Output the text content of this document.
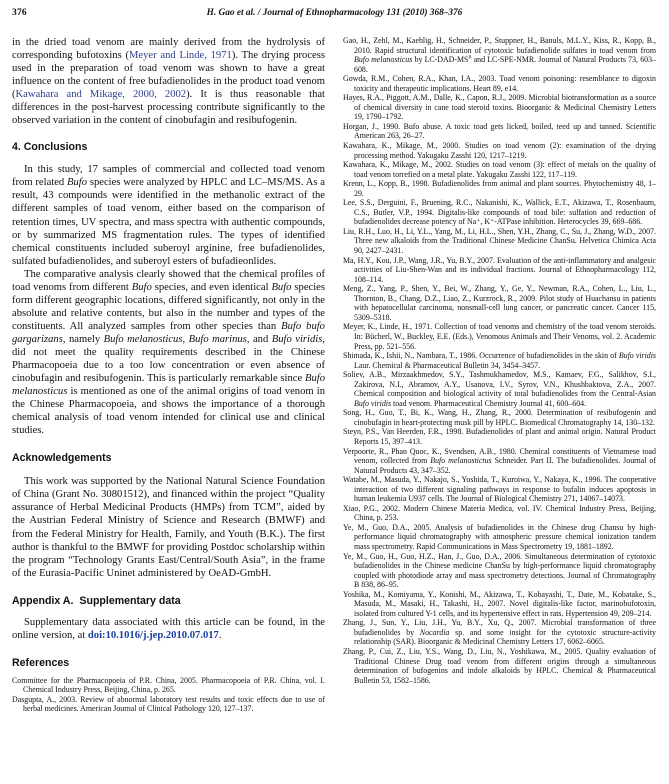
376	H. Gao et al. / Journal of Ethnopharmacology 131 (2010) 368–376

in the dried toad venom are mainly derived from the hydrolysis of corresponding bufotoxins (Meyer and Linde, 1971). The drying process used in the preparation of toad venom was shown to have a great influence on the content of free bufadienolides in the product toad venom (Kawahara and Mikage, 2000, 2002). It is thus reasonable that differences in the post-harvest processing contribute significantly to the observed variation in the content of cinobufagin and resibufogenin.

4. Conclusions

In this study, 17 samples of commercial and collected toad venom from related Bufo species were analyzed by HPLC and LC–MS/MS. As a result, 43 compounds were identified in the methanolic extract of the different samples of toad venom, either based on the comparison of retention times, UV spectra, and mass spectra with authentic compounds, or by summarized MS fragmentation rules. The types of identified chemical constituents included suberoyl arginine, free bufadienolides, sulfated bufadienolides, and suberoyl esters of bufadieonlides.

The comparative analysis clearly showed that the chemical profiles of toad venoms from different Bufo species, and even identical Bufo species form different geographic locations, differed significantly, not only in the absolute and relative contents, but also in the number and types of the constituents. All analyzed samples from other species than Bufo bufo gargarizans, namely Bufo melanosticus, Bufo marinus, and Bufo viridis, did not meet the quality requirements described in the Chinese Pharmacopoeia due to a too low concentration or even absence of cinobufagin and resibufogenin. This is particularly remarkable since Bufo melanosticus is mentioned as one of the animal origins of toad venom in the Chinese Pharmacopoeia, and shows the importance of a thorough chemical analysis of toad venom intended for clinical use and clinical studies.

Acknowledgements

This work was supported by the National Natural Science Foundation of China (Grant No. 30801512), and financed within the project “Quality assurance of Herbal Medicinal Products (HMPs) from TCM”, aided by the Austrian Federal Ministry of Science and Research (BMWF) and from the Federal Ministry for Health, Family, and Youth (B.K.). The first author is thankful to the BMWF for providing Postdoc scholarship within the program “Technology Grants East/Central/South Asia”, in the frame of the Eurasia-Pacific Uninet administered by OeAD-GmbH.

Appendix A. Supplementary data

Supplementary data associated with this article can be found, in the online version, at doi:10.1016/j.jep.2010.07.017.

References

Committee for the Pharmacopoeia of P.R. China, 2005. Pharmacopoeia of P.R. China, vol. I. Chemical Industry Press, Beijing, China, p. 265.

Dasgupta, A., 2003. Review of abnormal laboratory test results and toxic effects due to use of herbal medicines. American Journal of Clinical Pathology 120, 127–137.

Gao, H., Zehl, M., Kaehlig, H., Schneider, P., Stuppner, H., Banuls, M.L.Y., Kiss, R., Kopp, B., 2010. Rapid structural identification of cytotoxic bufadienolide sulfates in toad venom from Bufo melanosticus by $LC-DAD-MS^n$ and LC-SPE-NMR. Journal of Natural Products 73, 603–608.

Gowda, R.M., Cohen, R.A., Khan, I.A., 2003. Toad venom poisoning: resemblance to digoxin toxicity and therapeutic implications. Heart 89, e14.

Hayes, R.A., Piggott, A.M., Dalle, K., Capon, R.J., 2009. Microbial biotransformation as a source of chemical diversity in cane toad steroid toxins. Bioorganic & Medicinal Chemistry Letters 19, 1790–1792.

Horgan, J., 1990. Bufo abuse. A toxic toad gets licked, boiled, teed up and tanned. Scientific American 263, 26–27.

Kawahara, K., Mikage, M., 2000. Studies on toad venom (2): examination of the drying processing method. Yakugaku Zasshi 120, 1217–1219.

Kawahara, K., Mikage, M., 2002. Studies on toad venom (3): effect of metals on the quality of toad venom torrefied on a metal plate. Yakugaku Zasshi 122, 117–119.

Krenn, L., Kopp, B., 1998. Bufadienolides from animal and plant sources. Phytochemistry 48, 1–29.

Lee, S.S., Derguini, F., Bruening, R.C., Nakanishi, K., Wallick, E.T., Akizawa, T., Rosenbaum, C.S., Butler, V.P., 1994. Digitalis-like compounds of toad bile: sulfation and reduction of bufadienolides decrease potency of Na⁺, K⁺-ATPase inhibition. Heterocycles 39, 669–686.

Liu, R.H., Luo, H., Li, Y.L., Yang, M., Li, H.L., Shen, Y.H., Zhang, C., Su, J., Zhang, W.D., 2007. Three new alkaloids from the Traditional Chinese Medicine ChanSu. Helvetica Chimica Acta 90, 2427–2431.

Ma, H.Y., Kou, J.P., Wang, J.R., Yu, B.Y., 2007. Evaluation of the anti-inflammatory and analgesic activities of Liu-Shen-Wan and its individual fractions. Journal of Ethnopharmacology 112, 108–114.

Meng, Z., Yang, P., Shen, Y., Bei, W., Zhang, Y., Ge, Y., Newman, R.A., Cohen, L., Liu, L., Thornton, B., Chang, D.Z., Liao, Z., Kurzrock, R., 2009. Pilot study of Huachansu in patients with hepatocellular carcinoma, nonsmall-cell lung cancer, or pancreatic cancer. Cancer 115, 5309–5318.

Meyer, K., Linde, H., 1971. Collection of toad venoms and chemistry of the toad venom steroids. In: Bücherl, W., Buckley, E.E. (Eds.), Venomous Animals and Their Venoms, vol. 2. Academic Press, pp. 521–556.

Shimada, K., Ishii, N., Nambara, T., 1986. Occurrence of bufadienolides in the skin of Bufo viridis Laur. Chemical & Pharmaceutical Bulletin 34, 3454–3457.

Soliev, A.B., Mirzaakhmedov, S.Y., Tashmukhamedov, M.S., Kamaev, F.G., Salikhov, S.I., Zakirova, N.I., Abramov, A.Y., Usanova, I.V., Syrov, V.N., Khushbaktova, Z.A., 2007. Chemical composition and biological activity of total bufadienolides from the Central-Asian Bufo viridis toad venom. Pharmaceutical Chemistry Journal 41, 600–604.

Song, H., Guo, T., Bi, K., Wang, H., Zhang, R., 2000. Determination of resibufogenin and cinobufagin in heart-protecting musk pill by HPLC. Biomedical Chromatography 14, 130–132.

Steyn, P.S., Van Heerden, F.R., 1998. Bufadienolides of plant and animal origin. Natural Product Reports 15, 397–413.

Verpoorte, R., Phan Quoc, K., Svendsen, A.B., 1980. Chemical constituents of Vietnamese toad venom, collected from Bufo melanostictus Schneider. Part II. The bufadienolides. Journal of Natural Products 43, 347–352.

Watabe, M., Masuda, Y., Nakajo, S., Yoshida, T., Kuroiwa, Y., Nakaya, K., 1996. The cooperative interaction of two different signaling pathways in response to bufalin induces apoptosis in human leukemia U937 cells. The Journal of Biological Chemistry 271, 14067–14073.

Xiao, P.G., 2002. Modern Chinese Materia Medica, vol. IV. Chemical Industry Press, Beijing, China, p. 253.

Ye, M., Guo, D.A., 2005. Analysis of bufadienolides in the Chinese drug Chansu by high-performance liquid chromatography with atmospheric pressure chemical ionization tandem mass spectrometry. Rapid Communications in Mass Spectrometry 19, 1881–1892.

Ye, M., Guo, H., Guo, H.Z., Han, J., Guo, D.A., 2006. Simultaneous determination of cytotoxic bufadienolides in the Chinese medicine ChanSu by high-performance liquid chromatography coupled with photodiode array and mass spectrometry detections. Journal of Chromatography B 838, 86–95.

Yoshika, M., Komiyama, Y., Konishi, M., Akizawa, T., Kobayashi, T., Date, M., Kobatake, S., Masuda, M., Masaki, H., Takashi, H., 2007. Novel digitalis-like factor, marinobufotoxin, isolated from cultured Y-1 cells, and its hypertensive effect in rats. Hypertension 49, 209–214.

Zhang, J., Sun, Y., Liu, J.H., Yu, B.Y., Xu, Q., 2007. Microbial transformation of three bufadienolides by Nocardia sp. and some insight for the cytotoxic structure-activity relationship (SAR). Bioorganic & Medicinal Chemistry Letters 17, 6062–6065.

Zhang, P., Cui, Z., Liu, Y.S., Wang, D., Liu, N., Yoshikawa, M., 2005. Quality evaluation of Traditional Chinese Drug toad venom from different origins through a simultaneous determination of bufogenins and indole alkaloids by HPLC. Chemical & Pharmaceutical Bulletin 53, 1582–1586.
